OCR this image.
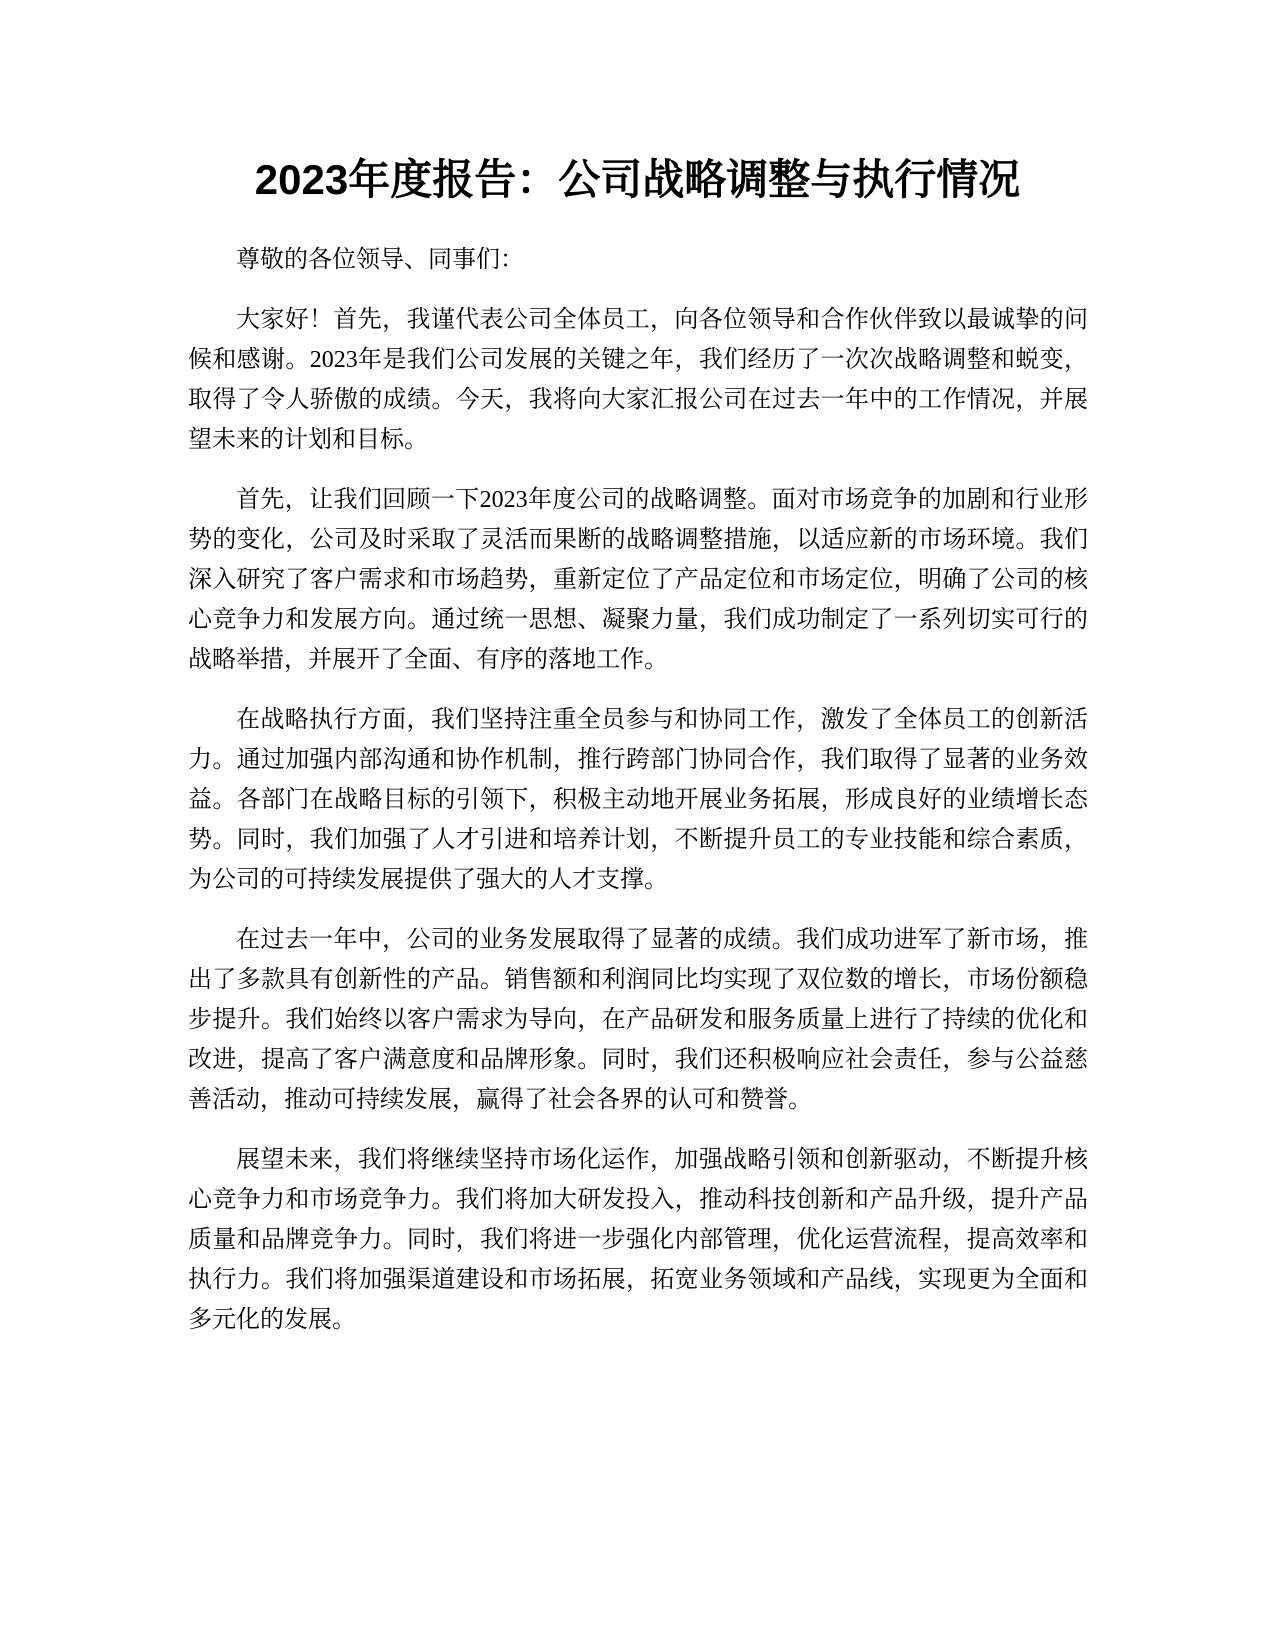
2023年度报告：公司战略调整与执行情况

尊敬的各位领导、同事们：

大家好！首先，我谨代表公司全体员工，向各位领导和合作伙伴致以最诚挚的问候和感谢。2023年是我们公司发展的关键之年，我们经历了一次次战略调整和蜕变，取得了令人骄傲的成绩。今天，我将向大家汇报公司在过去一年中的工作情况，并展望未来的计划和目标。

首先，让我们回顾一下2023年度公司的战略调整。面对市场竞争的加剧和行业形势的变化，公司及时采取了灵活而果断的战略调整措施，以适应新的市场环境。我们深入研究了客户需求和市场趋势，重新定位了产品定位和市场定位，明确了公司的核心竞争力和发展方向。通过统一思想、凝聚力量，我们成功制定了一系列切实可行的战略举措，并展开了全面、有序的落地工作。

在战略执行方面，我们坚持注重全员参与和协同工作，激发了全体员工的创新活力。通过加强内部沟通和协作机制，推行跨部门协同合作，我们取得了显著的业务效益。各部门在战略目标的引领下，积极主动地开展业务拓展，形成良好的业绩增长态势。同时，我们加强了人才引进和培养计划，不断提升员工的专业技能和综合素质，为公司的可持续发展提供了强大的人才支撑。

在过去一年中，公司的业务发展取得了显著的成绩。我们成功进军了新市场，推出了多款具有创新性的产品。销售额和利润同比均实现了双位数的增长，市场份额稳步提升。我们始终以客户需求为导向，在产品研发和服务质量上进行了持续的优化和改进，提高了客户满意度和品牌形象。同时，我们还积极响应社会责任，参与公益慈善活动，推动可持续发展，赢得了社会各界的认可和赞誉。

展望未来，我们将继续坚持市场化运作，加强战略引领和创新驱动，不断提升核心竞争力和市场竞争力。我们将加大研发投入，推动科技创新和产品升级，提升产品质量和品牌竞争力。同时，我们将进一步强化内部管理，优化运营流程，提高效率和执行力。我们将加强渠道建设和市场拓展，拓宽业务领域和产品线，实现更为全面和多元化的发展。
